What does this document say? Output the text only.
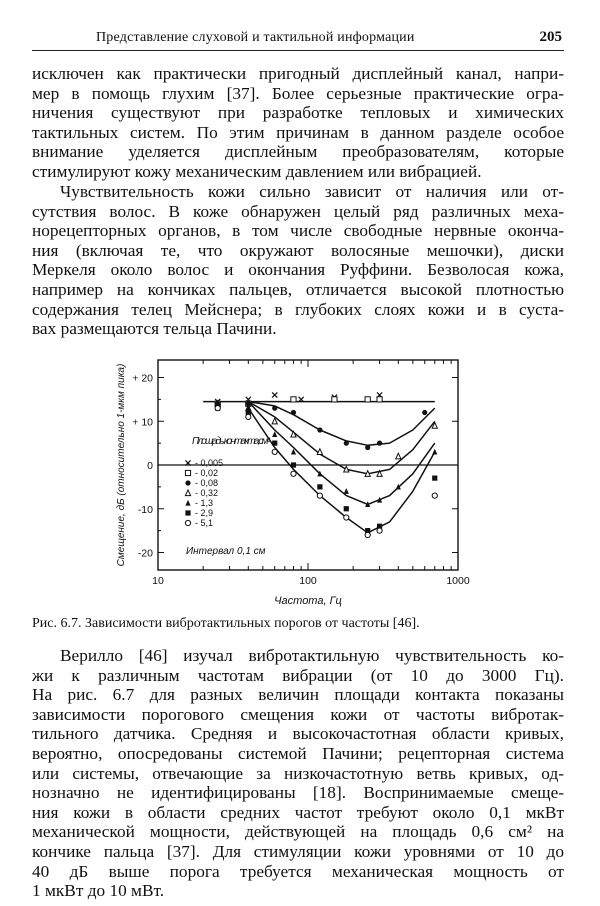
Представление слуховой и тактильной информации	205
исключен как практически пригодный дисплейный канал, напри-
мер в помощь глухим [37]. Более серьезные практические огра-
ничения существуют при разработке тепловых и химических
тактильных систем. По этим причинам в данном разделе особое
внимание уделяется дисплейным преобразователям, которые
стимулируют кожу механическим давлением или вибрацией.
Чувствительность кожи сильно зависит от наличия или от-
сутствия волос. В коже обнаружен целый ряд различных меха-
норецепторных органов, в том числе свободные нервные оконча-
ния (включая те, что окружают волосяные мешочки), диски
Меркеля около волос и окончания Руффини. Безволосая кожа,
например на кончиках пальцев, отличается высокой плотностью
содержания телец Мейснера; в глубоких слоях кожи и в суста-
вах размещаются тельца Пачини.
10	100	1000
+ 20
+ 10
0
-10
-20
Площадь контакта,см²
- 0,005
- 0,02
- 0,08
- 0,32
- 1,3
- 2,9
- 5,1
Интервал 0,1 см
Частота, Гц
Смещение, дБ (относительно 1-мкм пика)
Рис. 6.7. Зависимости вибротактильных порогов от частоты [46].
Верилло [46] изучал вибротактильную чувствительность ко-
жи к различным частотам вибрации (от 10 до 3000 Гц).
На рис. 6.7 для разных величин площади контакта показаны
зависимости порогового смещения кожи от частоты вибротак-
тильного датчика. Средняя и высокочастотная области кривых,
вероятно, опосредованы системой Пачини; рецепторная система
или системы, отвечающие за низкочастотную ветвь кривых, од-
нозначно не идентифицированы [18]. Воспринимаемые смеще-
ния кожи в области средних частот требуют около 0,1 мкВт
механической мощности, действующей на площадь 0,6 см² на
кончике пальца [37]. Для стимуляции кожи уровнями от 10 до
40 дБ выше порога требуется механическая мощность от
1 мкВт до 10 мВт.
